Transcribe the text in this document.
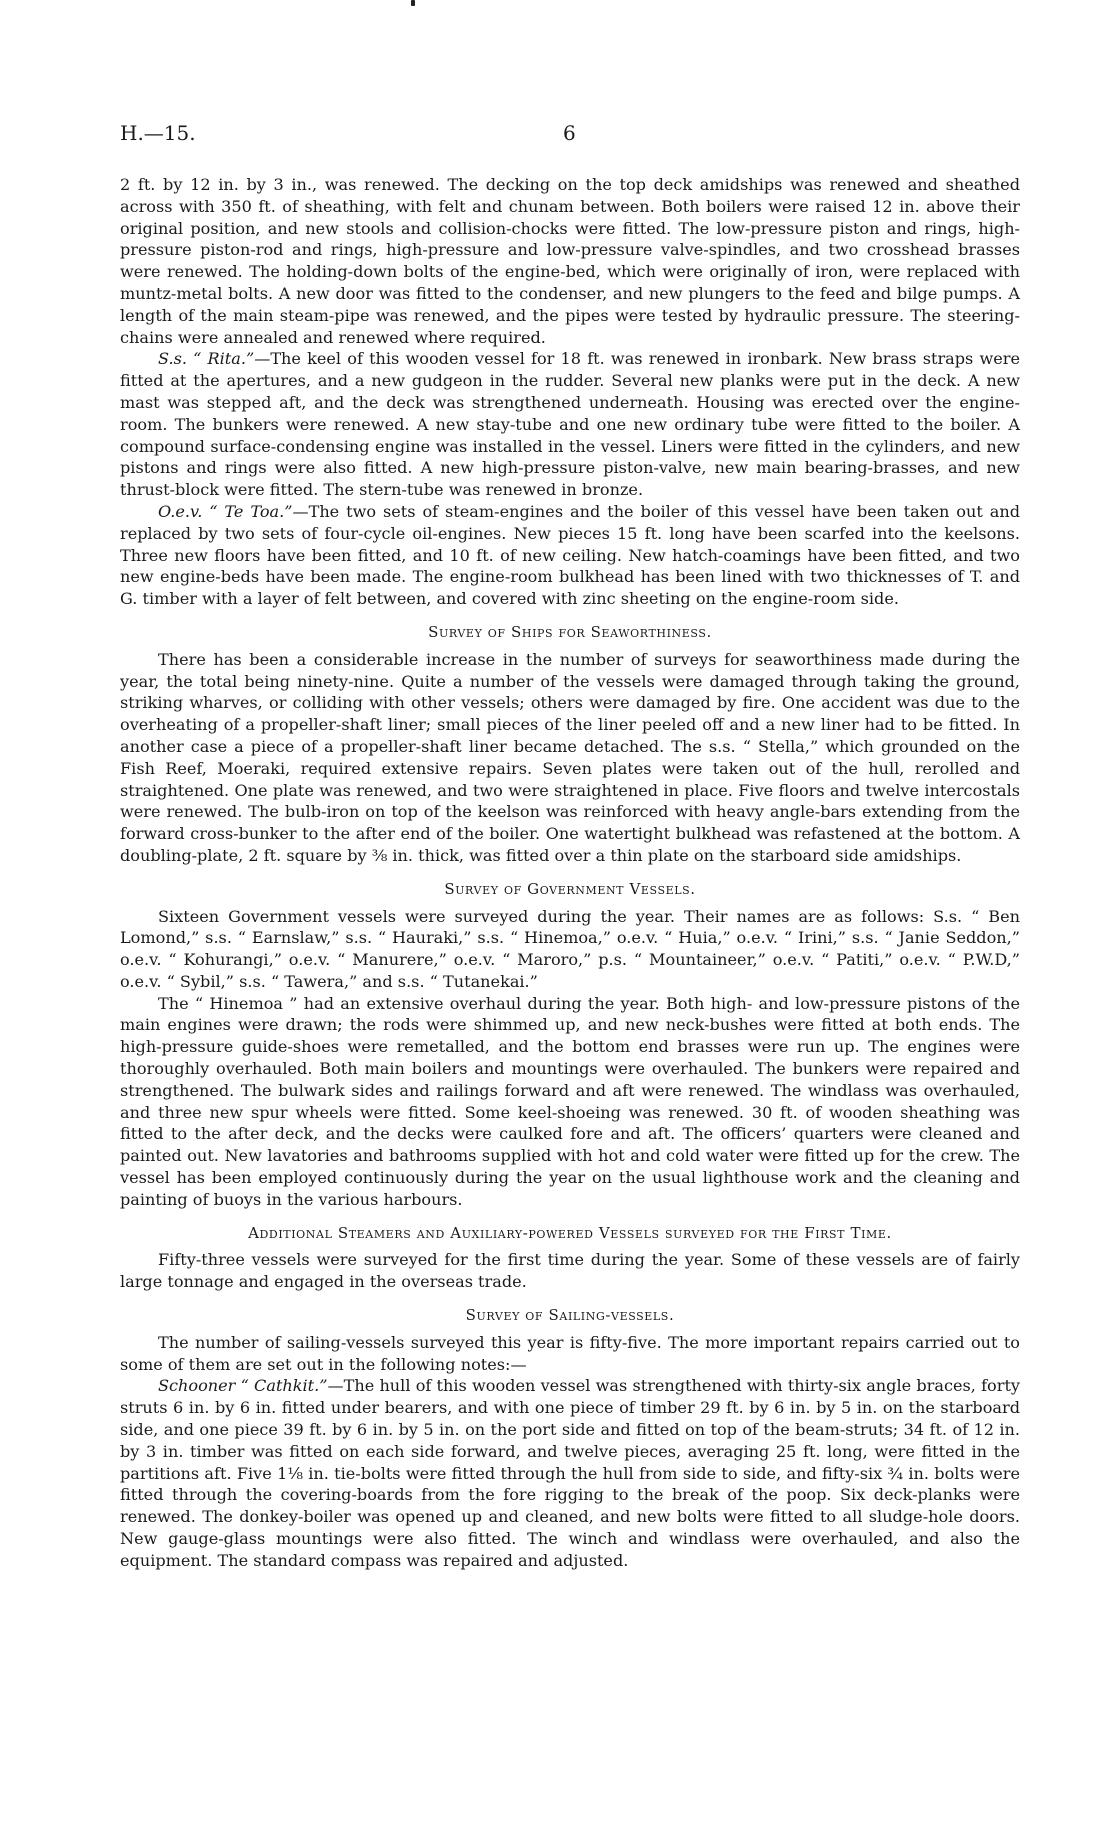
H.—15.	6

2 ft. by 12 in. by 3 in., was renewed. The decking on the top deck amidships was renewed and sheathed across with 350 ft. of sheathing, with felt and chunam between. Both boilers were raised 12 in. above their original position, and new stools and collision-chocks were fitted. The low-pressure piston and rings, high-pressure piston-rod and rings, high-pressure and low-pressure valve-spindles, and two crosshead brasses were renewed. The holding-down bolts of the engine-bed, which were originally of iron, were replaced with muntz-metal bolts. A new door was fitted to the condenser, and new plungers to the feed and bilge pumps. A length of the main steam-pipe was renewed, and the pipes were tested by hydraulic pressure. The steering-chains were annealed and renewed where required.

S.s. “ Rita.”—The keel of this wooden vessel for 18 ft. was renewed in ironbark. New brass straps were fitted at the apertures, and a new gudgeon in the rudder. Several new planks were put in the deck. A new mast was stepped aft, and the deck was strengthened underneath. Housing was erected over the engine-room. The bunkers were renewed. A new stay-tube and one new ordinary tube were fitted to the boiler. A compound surface-condensing engine was installed in the vessel. Liners were fitted in the cylinders, and new pistons and rings were also fitted. A new high-pressure piston-valve, new main bearing-brasses, and new thrust-block were fitted. The stern-tube was renewed in bronze.

O.e.v. “ Te Toa.”—The two sets of steam-engines and the boiler of this vessel have been taken out and replaced by two sets of four-cycle oil-engines. New pieces 15 ft. long have been scarfed into the keelsons. Three new floors have been fitted, and 10 ft. of new ceiling. New hatch-coamings have been fitted, and two new engine-beds have been made. The engine-room bulkhead has been lined with two thicknesses of T. and G. timber with a layer of felt between, and covered with zinc sheeting on the engine-room side.

Survey of Ships for Seaworthiness.

There has been a considerable increase in the number of surveys for seaworthiness made during the year, the total being ninety-nine. Quite a number of the vessels were damaged through taking the ground, striking wharves, or colliding with other vessels; others were damaged by fire. One accident was due to the overheating of a propeller-shaft liner; small pieces of the liner peeled off and a new liner had to be fitted. In another case a piece of a propeller-shaft liner became detached. The s.s. “ Stella,” which grounded on the Fish Reef, Moeraki, required extensive repairs. Seven plates were taken out of the hull, rerolled and straightened. One plate was renewed, and two were straightened in place. Five floors and twelve intercostals were renewed. The bulb-iron on top of the keelson was reinforced with heavy angle-bars extending from the forward cross-bunker to the after end of the boiler. One watertight bulkhead was refastened at the bottom. A doubling-plate, 2 ft. square by ⅜ in. thick, was fitted over a thin plate on the starboard side amidships.

Survey of Government Vessels.

Sixteen Government vessels were surveyed during the year. Their names are as follows: S.s. “ Ben Lomond,” s.s. “ Earnslaw,” s.s. “ Hauraki,” s.s. “ Hinemoa,” o.e.v. “ Huia,” o.e.v. “ Irini,” s.s. “ Janie Seddon,” o.e.v. “ Kohurangi,” o.e.v. “ Manurere,” o.e.v. “ Maroro,” p.s. “ Mountaineer,” o.e.v. “ Patiti,” o.e.v. “ P.W.D,” o.e.v. “ Sybil,” s.s. “ Tawera,” and s.s. “ Tutanekai.”

The “ Hinemoa ” had an extensive overhaul during the year. Both high- and low-pressure pistons of the main engines were drawn; the rods were shimmed up, and new neck-bushes were fitted at both ends. The high-pressure guide-shoes were remetalled, and the bottom end brasses were run up. The engines were thoroughly overhauled. Both main boilers and mountings were overhauled. The bunkers were repaired and strengthened. The bulwark sides and railings forward and aft were renewed. The windlass was overhauled, and three new spur wheels were fitted. Some keel-shoeing was renewed. 30 ft. of wooden sheathing was fitted to the after deck, and the decks were caulked fore and aft. The officers’ quarters were cleaned and painted out. New lavatories and bathrooms supplied with hot and cold water were fitted up for the crew. The vessel has been employed continuously during the year on the usual lighthouse work and the cleaning and painting of buoys in the various harbours.

Additional Steamers and Auxiliary-powered Vessels surveyed for the First Time.

Fifty-three vessels were surveyed for the first time during the year. Some of these vessels are of fairly large tonnage and engaged in the overseas trade.

Survey of Sailing-vessels.

The number of sailing-vessels surveyed this year is fifty-five. The more important repairs carried out to some of them are set out in the following notes:—

Schooner “ Cathkit.”—The hull of this wooden vessel was strengthened with thirty-six angle braces, forty struts 6 in. by 6 in. fitted under bearers, and with one piece of timber 29 ft. by 6 in. by 5 in. on the starboard side, and one piece 39 ft. by 6 in. by 5 in. on the port side and fitted on top of the beam-struts; 34 ft. of 12 in. by 3 in. timber was fitted on each side forward, and twelve pieces, averaging 25 ft. long, were fitted in the partitions aft. Five 1⅛ in. tie-bolts were fitted through the hull from side to side, and fifty-six ¾ in. bolts were fitted through the covering-boards from the fore rigging to the break of the poop. Six deck-planks were renewed. The donkey-boiler was opened up and cleaned, and new bolts were fitted to all sludge-hole doors. New gauge-glass mountings were also fitted. The winch and windlass were overhauled, and also the equipment. The standard compass was repaired and adjusted.
